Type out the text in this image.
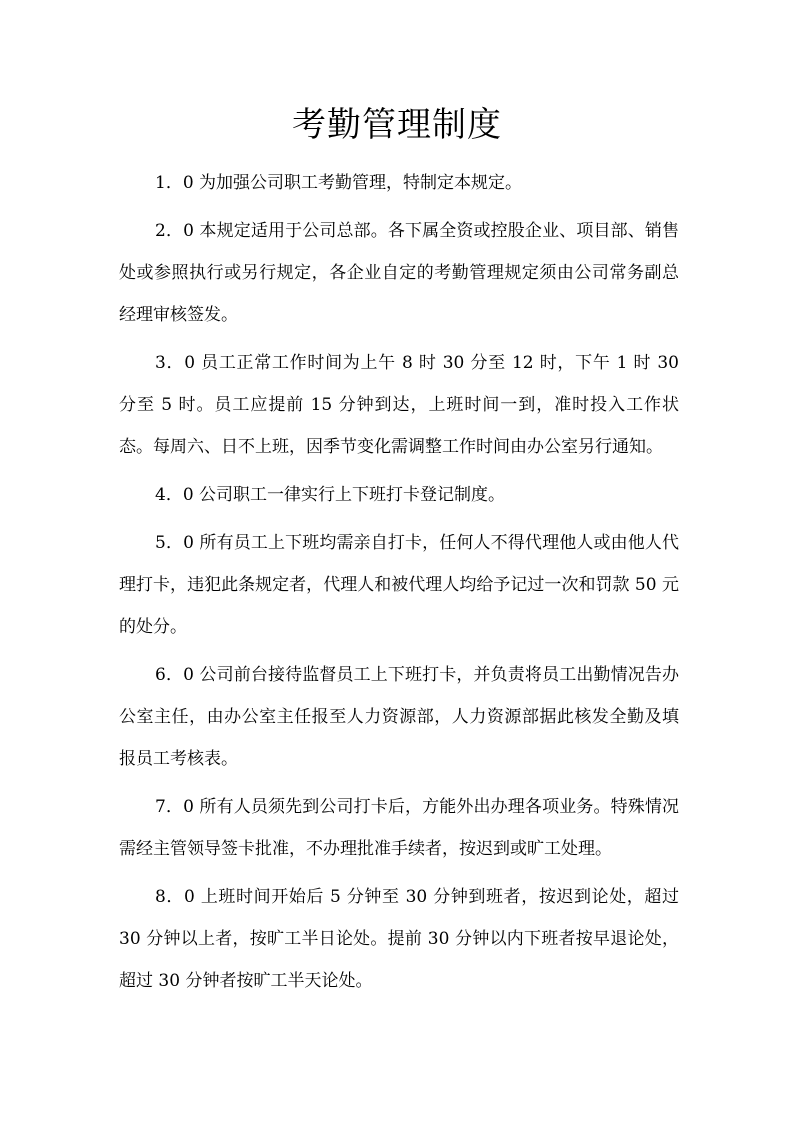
考勤管理制度

1．0 为加强公司职工考勤管理，特制定本规定。

2．0 本规定适用于公司总部。各下属全资或控股企业、项目部、销售处或参照执行或另行规定，各企业自定的考勤管理规定须由公司常务副总经理审核签发。

3．0 员工正常工作时间为上午 8 时 30 分至 12 时，下午 1 时 30 分至 5 时。员工应提前 15 分钟到达，上班时间一到，准时投入工作状态。每周六、日不上班，因季节变化需调整工作时间由办公室另行通知。

4．0 公司职工一律实行上下班打卡登记制度。

5．0 所有员工上下班均需亲自打卡，任何人不得代理他人或由他人代理打卡，违犯此条规定者，代理人和被代理人均给予记过一次和罚款 50 元的处分。

6．0 公司前台接待监督员工上下班打卡，并负责将员工出勤情况告办公室主任，由办公室主任报至人力资源部，人力资源部据此核发全勤及填报员工考核表。

7．0 所有人员须先到公司打卡后，方能外出办理各项业务。特殊情况需经主管领导签卡批准，不办理批准手续者，按迟到或旷工处理。

8．0 上班时间开始后 5 分钟至 30 分钟到班者，按迟到论处，超过 30 分钟以上者，按旷工半日论处。提前 30 分钟以内下班者按早退论处，超过 30 分钟者按旷工半天论处。
